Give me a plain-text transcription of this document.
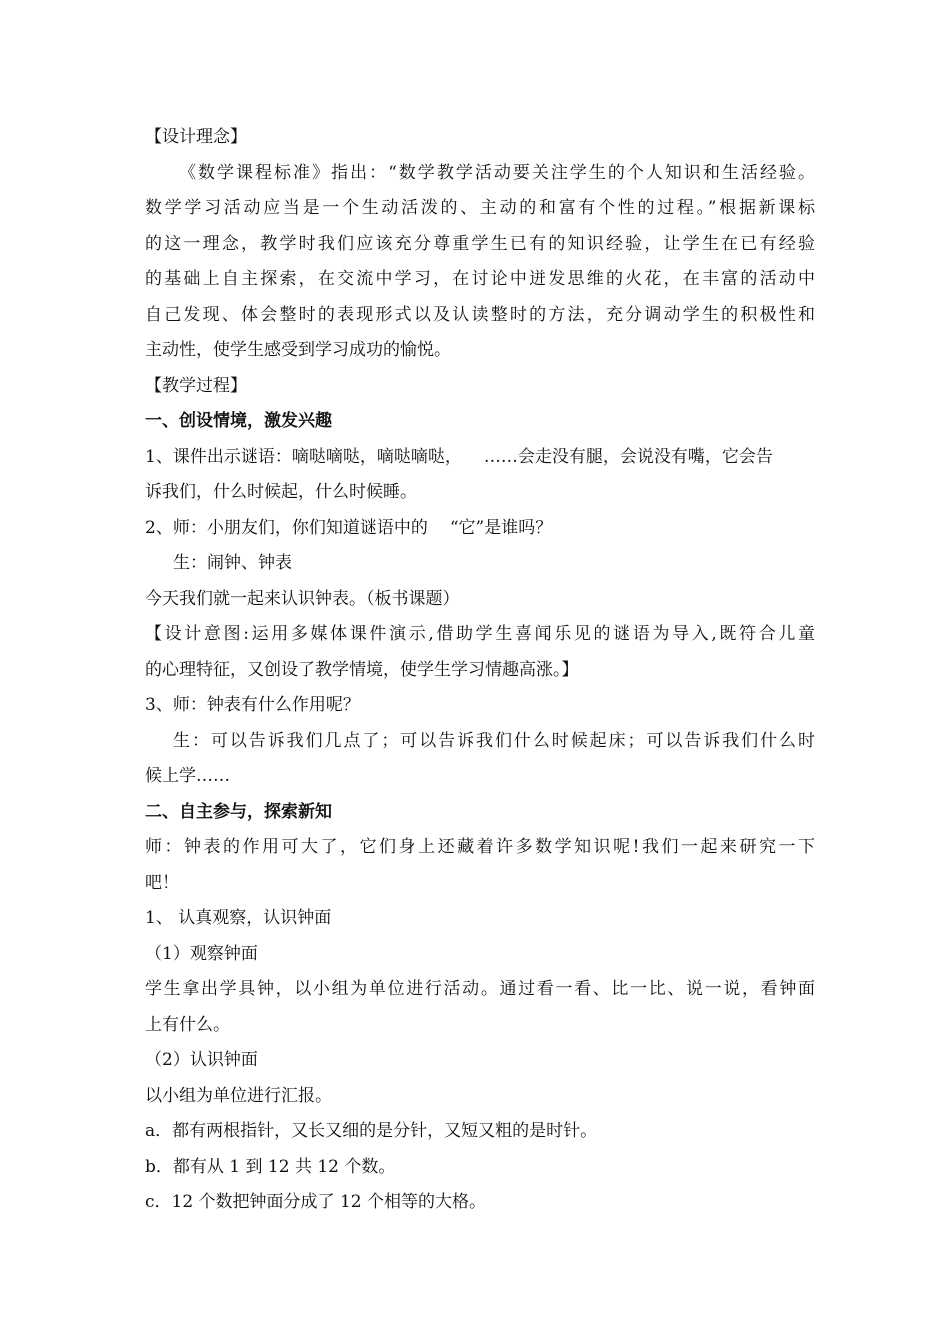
【设计理念】
《数学课程标准》指出：“数学教学活动要关注学生的个人知识和生活经验。
数学学习活动应当是一个生动活泼的、主动的和富有个性的过程。”根据新课标
的这一理念，教学时我们应该充分尊重学生已有的知识经验，让学生在已有经验
的基础上自主探索，在交流中学习，在讨论中迸发思维的火花，在丰富的活动中
自己发现、体会整时的表现形式以及认读整时的方法，充分调动学生的积极性和
主动性，使学生感受到学习成功的愉悦。
【教学过程】
一、创设情境，激发兴趣
1、课件出示谜语：嘀哒嘀哒，嘀哒嘀哒， ……会走没有腿，会说没有嘴，它会告
诉我们，什么时候起，什么时候睡。
2、师：小朋友们，你们知道谜语中的 “它”是谁吗？
生：闹钟、钟表
今天我们就一起来认识钟表。（板书课题）
【设计意图:运用多媒体课件演示,借助学生喜闻乐见的谜语为导入,既符合儿童
的心理特征，又创设了教学情境，使学生学习情趣高涨。】
3、师：钟表有什么作用呢？
生：可以告诉我们几点了；可以告诉我们什么时候起床；可以告诉我们什么时
候上学……
二、自主参与，探索新知
师：钟表的作用可大了，它们身上还藏着许多数学知识呢!我们一起来研究一下
吧！
1、 认真观察，认识钟面
（1）观察钟面
学生拿出学具钟，以小组为单位进行活动。通过看一看、比一比、说一说，看钟面
上有什么。
（2）认识钟面
以小组为单位进行汇报。
a．都有两根指针，又长又细的是分针，又短又粗的是时针。
b．都有从 1 到 12 共 12 个数。
c．12 个数把钟面分成了 12 个相等的大格。
